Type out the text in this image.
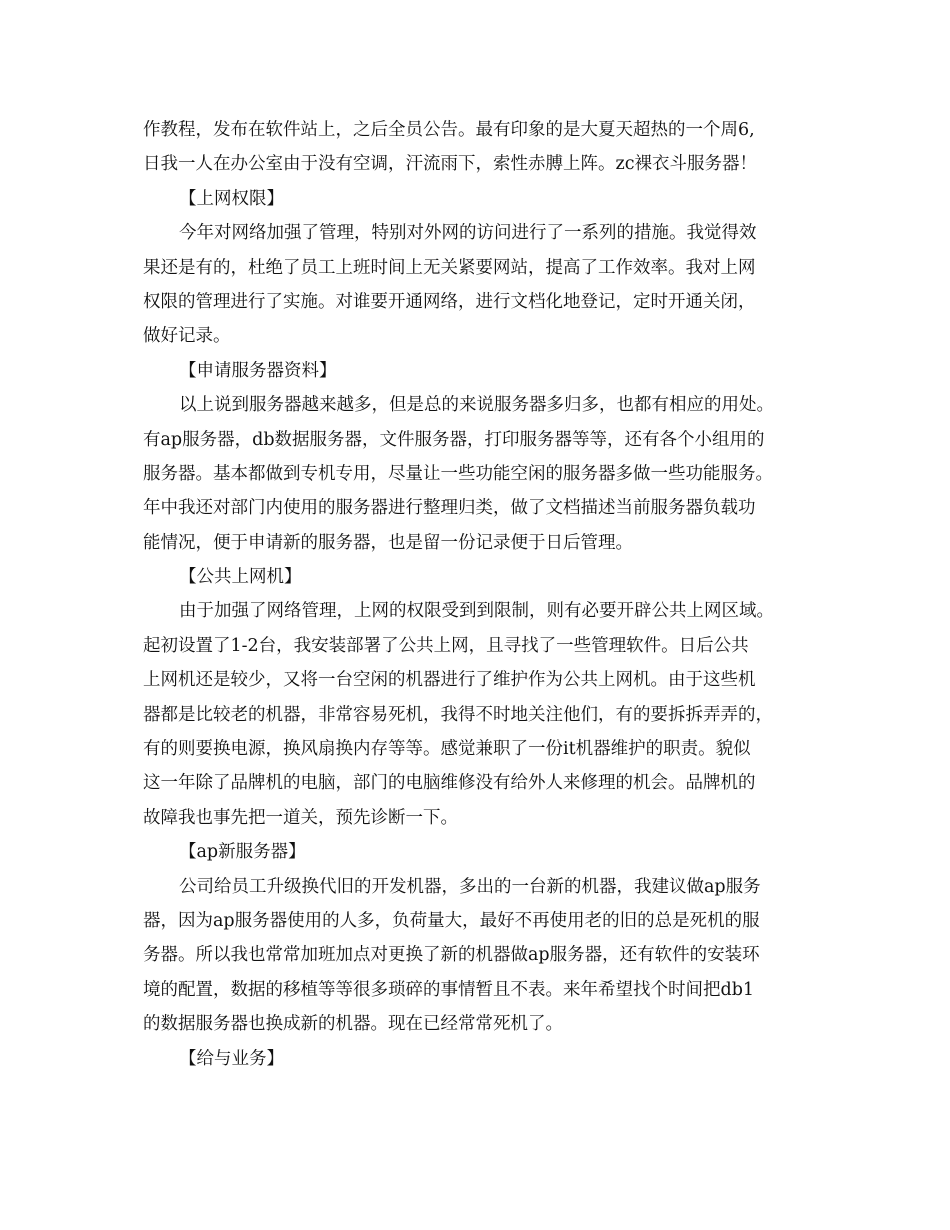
作教程，发布在软件站上，之后全员公告。最有印象的是大夏天超热的一个周6,
日我一人在办公室由于没有空调，汗流雨下，索性赤膊上阵。zc裸衣斗服务器！
【上网权限】
今年对网络加强了管理，特别对外网的访问进行了一系列的措施。我觉得效
果还是有的，杜绝了员工上班时间上无关紧要网站，提高了工作效率。我对上网
权限的管理进行了实施。对谁要开通网络，进行文档化地登记，定时开通关闭，
做好记录。
【申请服务器资料】
以上说到服务器越来越多，但是总的来说服务器多归多，也都有相应的用处。
有ap服务器，db数据服务器，文件服务器，打印服务器等等，还有各个小组用的
服务器。基本都做到专机专用，尽量让一些功能空闲的服务器多做一些功能服务。
年中我还对部门内使用的服务器进行整理归类，做了文档描述当前服务器负载功
能情况，便于申请新的服务器，也是留一份记录便于日后管理。
【公共上网机】
由于加强了网络管理，上网的权限受到到限制，则有必要开辟公共上网区域。
起初设置了1-2台，我安装部署了公共上网，且寻找了一些管理软件。日后公共
上网机还是较少，又将一台空闲的机器进行了维护作为公共上网机。由于这些机
器都是比较老的机器，非常容易死机，我得不时地关注他们，有的要拆拆弄弄的，
有的则要换电源，换风扇换内存等等。感觉兼职了一份it机器维护的职责。貌似
这一年除了品牌机的电脑，部门的电脑维修没有给外人来修理的机会。品牌机的
故障我也事先把一道关，预先诊断一下。
【ap新服务器】
公司给员工升级换代旧的开发机器，多出的一台新的机器，我建议做ap服务
器，因为ap服务器使用的人多，负荷量大，最好不再使用老的旧的总是死机的服
务器。所以我也常常加班加点对更换了新的机器做ap服务器，还有软件的安装环
境的配置，数据的移植等等很多琐碎的事情暂且不表。来年希望找个时间把db1
的数据服务器也换成新的机器。现在已经常常死机了。
【给与业务】
